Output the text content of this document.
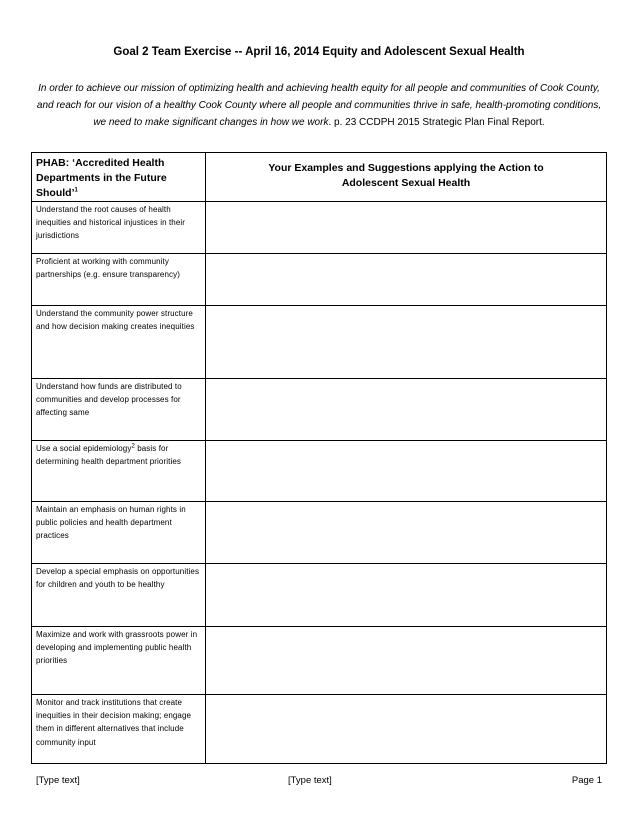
Goal 2 Team Exercise -- April 16, 2014 Equity and Adolescent Sexual Health
In order to achieve our mission of optimizing health and achieving health equity for all people and communities of Cook County, and reach for our vision of a healthy Cook County where all people and communities thrive in safe, health-promoting conditions, we need to make significant changes in how we work. p. 23 CCDPH 2015 Strategic Plan Final Report.
PHAB: ‘Accredited Health Departments in the Future Should’$^1$	Your Examples and Suggestions applying the Action to Adolescent Sexual Health

Understand the root causes of health inequities and historical injustices in their jurisdictions	

Proficient at working with community partnerships (e.g. ensure transparency)	

Understand the community power structure and how decision making creates inequities	

Understand how funds are distributed to communities and develop processes for affecting same	

Use a social epidemiology$^2$ basis for determining health department priorities	

Maintain an emphasis on human rights in public policies and health department practices	

Develop a special emphasis on opportunities for children and youth to be healthy	

Maximize and work with grassroots power in developing and implementing public health priorities	

Monitor and track institutions that create inequities in their decision making; engage them in different alternatives that include community input	

[Type text]	[Type text]	Page 1
